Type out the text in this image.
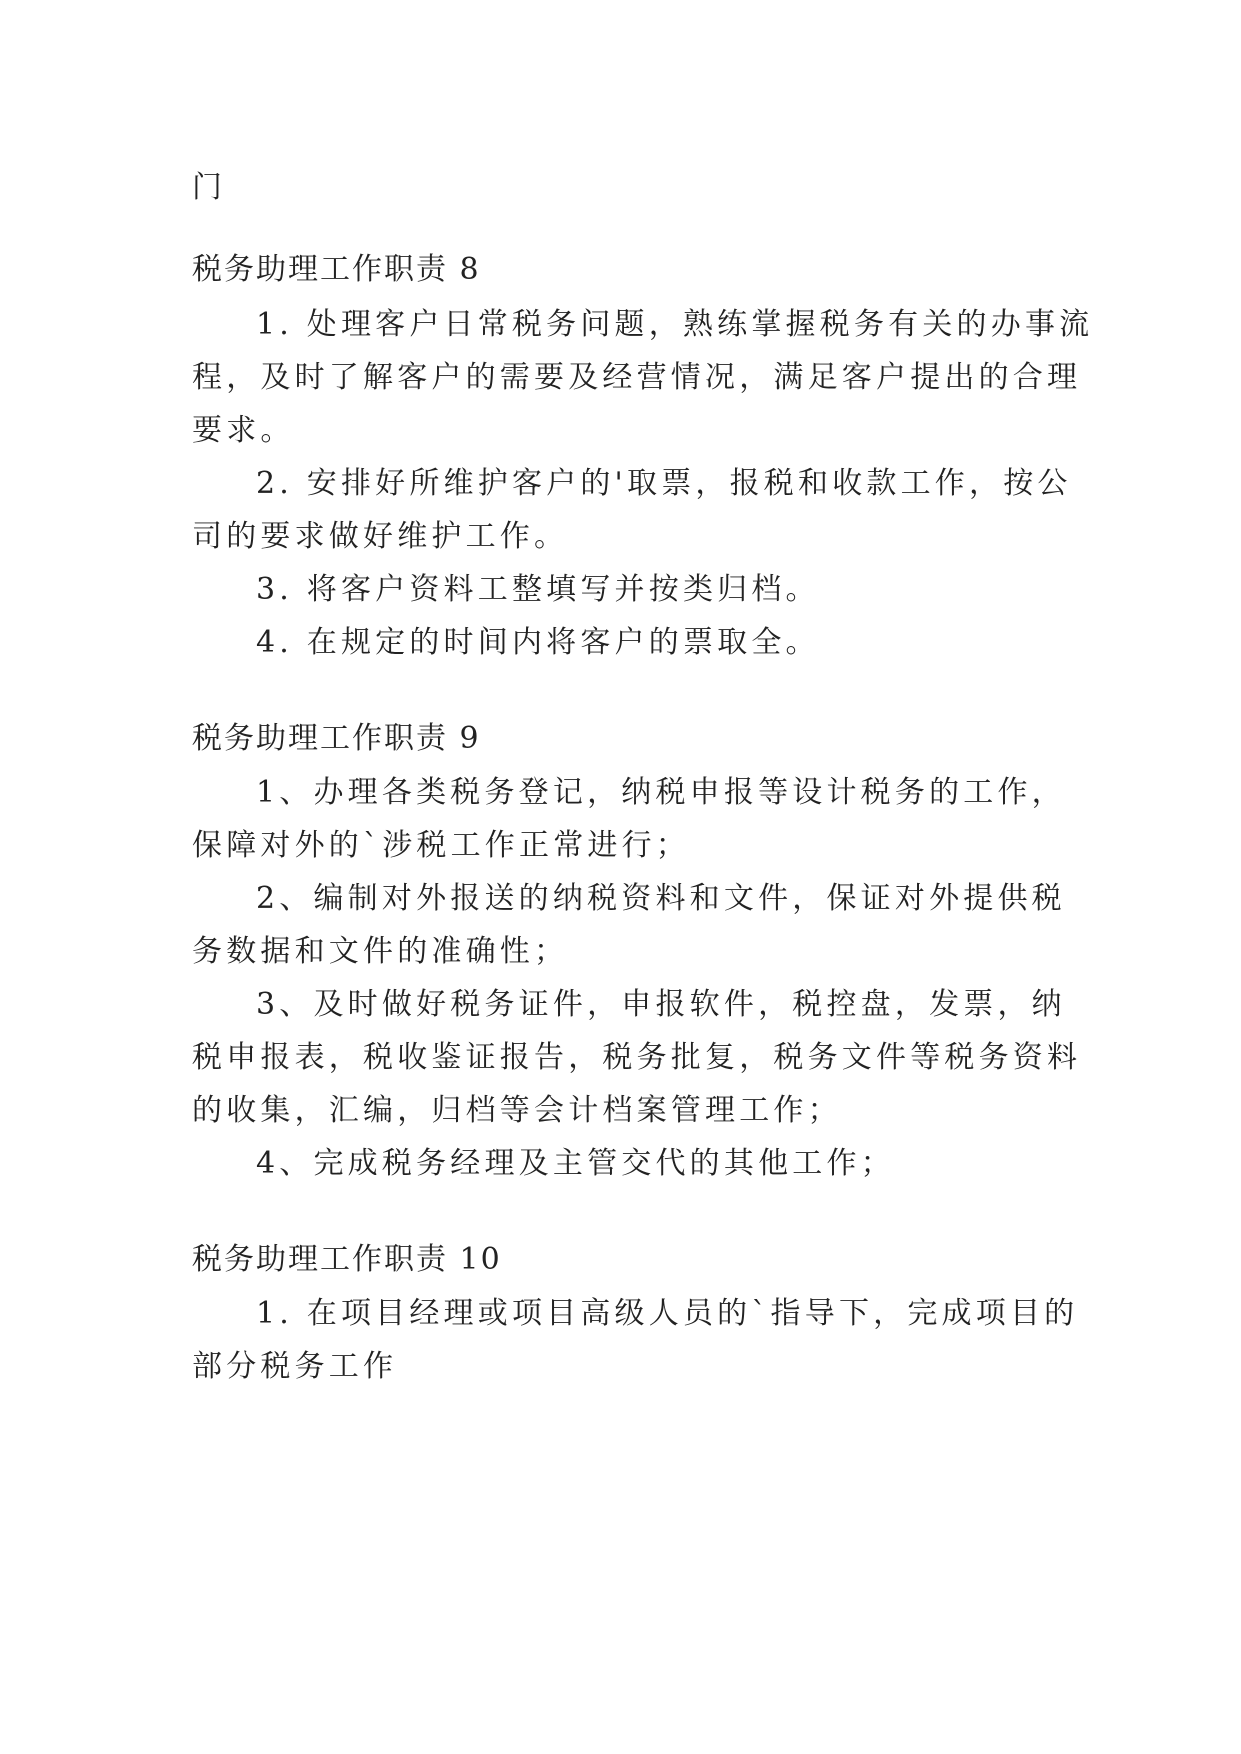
门
税务助理工作职责 8
1. 处理客户日常税务问题，熟练掌握税务有关的办事流
程，及时了解客户的需要及经营情况，满足客户提出的合理
要求。
2. 安排好所维护客户的'取票，报税和收款工作，按公
司的要求做好维护工作。
3. 将客户资料工整填写并按类归档。
4. 在规定的时间内将客户的票取全。
税务助理工作职责 9
1、办理各类税务登记，纳税申报等设计税务的工作，
保障对外的`涉税工作正常进行；
2、编制对外报送的纳税资料和文件，保证对外提供税
务数据和文件的准确性；
3、及时做好税务证件，申报软件，税控盘，发票，纳
税申报表，税收鉴证报告，税务批复，税务文件等税务资料
的收集，汇编，归档等会计档案管理工作；
4、完成税务经理及主管交代的其他工作；
税务助理工作职责 10
1. 在项目经理或项目高级人员的`指导下，完成项目的
部分税务工作
